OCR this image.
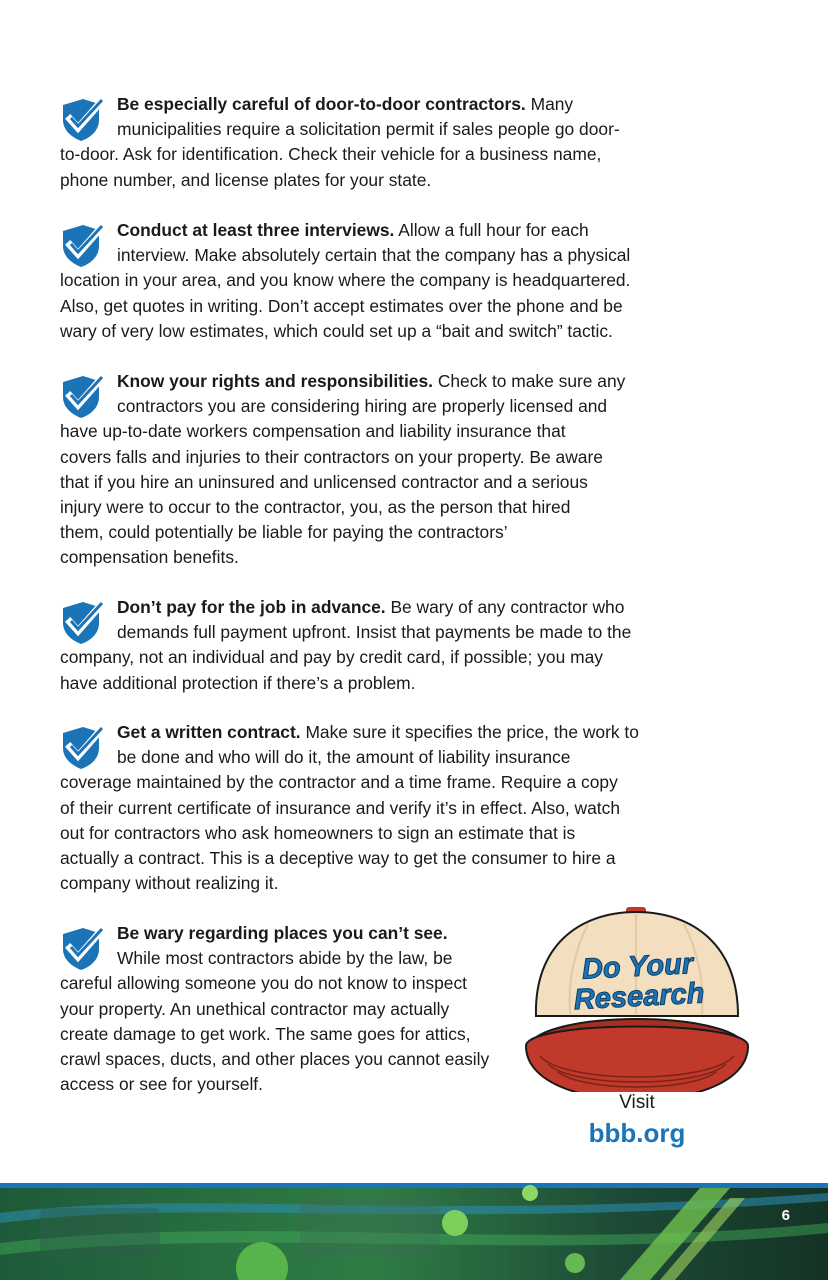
Be especially careful of door-to-door contractors. Many
municipalities require a solicitation permit if sales people go door-
to-door. Ask for identification. Check their vehicle for a business name,
phone number, and license plates for your state.

Conduct at least three interviews. Allow a full hour for each
interview. Make absolutely certain that the company has a physical
location in your area, and you know where the company is headquartered.
Also, get quotes in writing. Don’t accept estimates over the phone and be
wary of very low estimates, which could set up a “bait and switch” tactic.

Know your rights and responsibilities. Check to make sure any
contractors you are considering hiring are properly licensed and
have up-to-date workers compensation and liability insurance that
covers falls and injuries to their contractors on your property. Be aware
that if you hire an uninsured and unlicensed contractor and a serious
injury were to occur to the contractor, you, as the person that hired
them, could potentially be liable for paying the contractors’
compensation benefits.

Don’t pay for the job in advance. Be wary of any contractor who
demands full payment upfront. Insist that payments be made to the
company, not an individual and pay by credit card, if possible; you may
have additional protection if there’s a problem.

Get a written contract. Make sure it specifies the price, the work to
be done and who will do it, the amount of liability insurance
coverage maintained by the contractor and a time frame. Require a copy
of their current certificate of insurance and verify it’s in effect. Also, watch
out for contractors who ask homeowners to sign an estimate that is
actually a contract. This is a deceptive way to get the consumer to hire a
company without realizing it.

Be wary regarding places you can’t see.
While most contractors abide by the law, be
careful allowing someone you do not know to inspect
your property. An unethical contractor may actually
create damage to get work. The same goes for attics,
crawl spaces, ducts, and other places you cannot easily
access or see for yourself.

Do Your
Research
Visit
bbb.org
6
